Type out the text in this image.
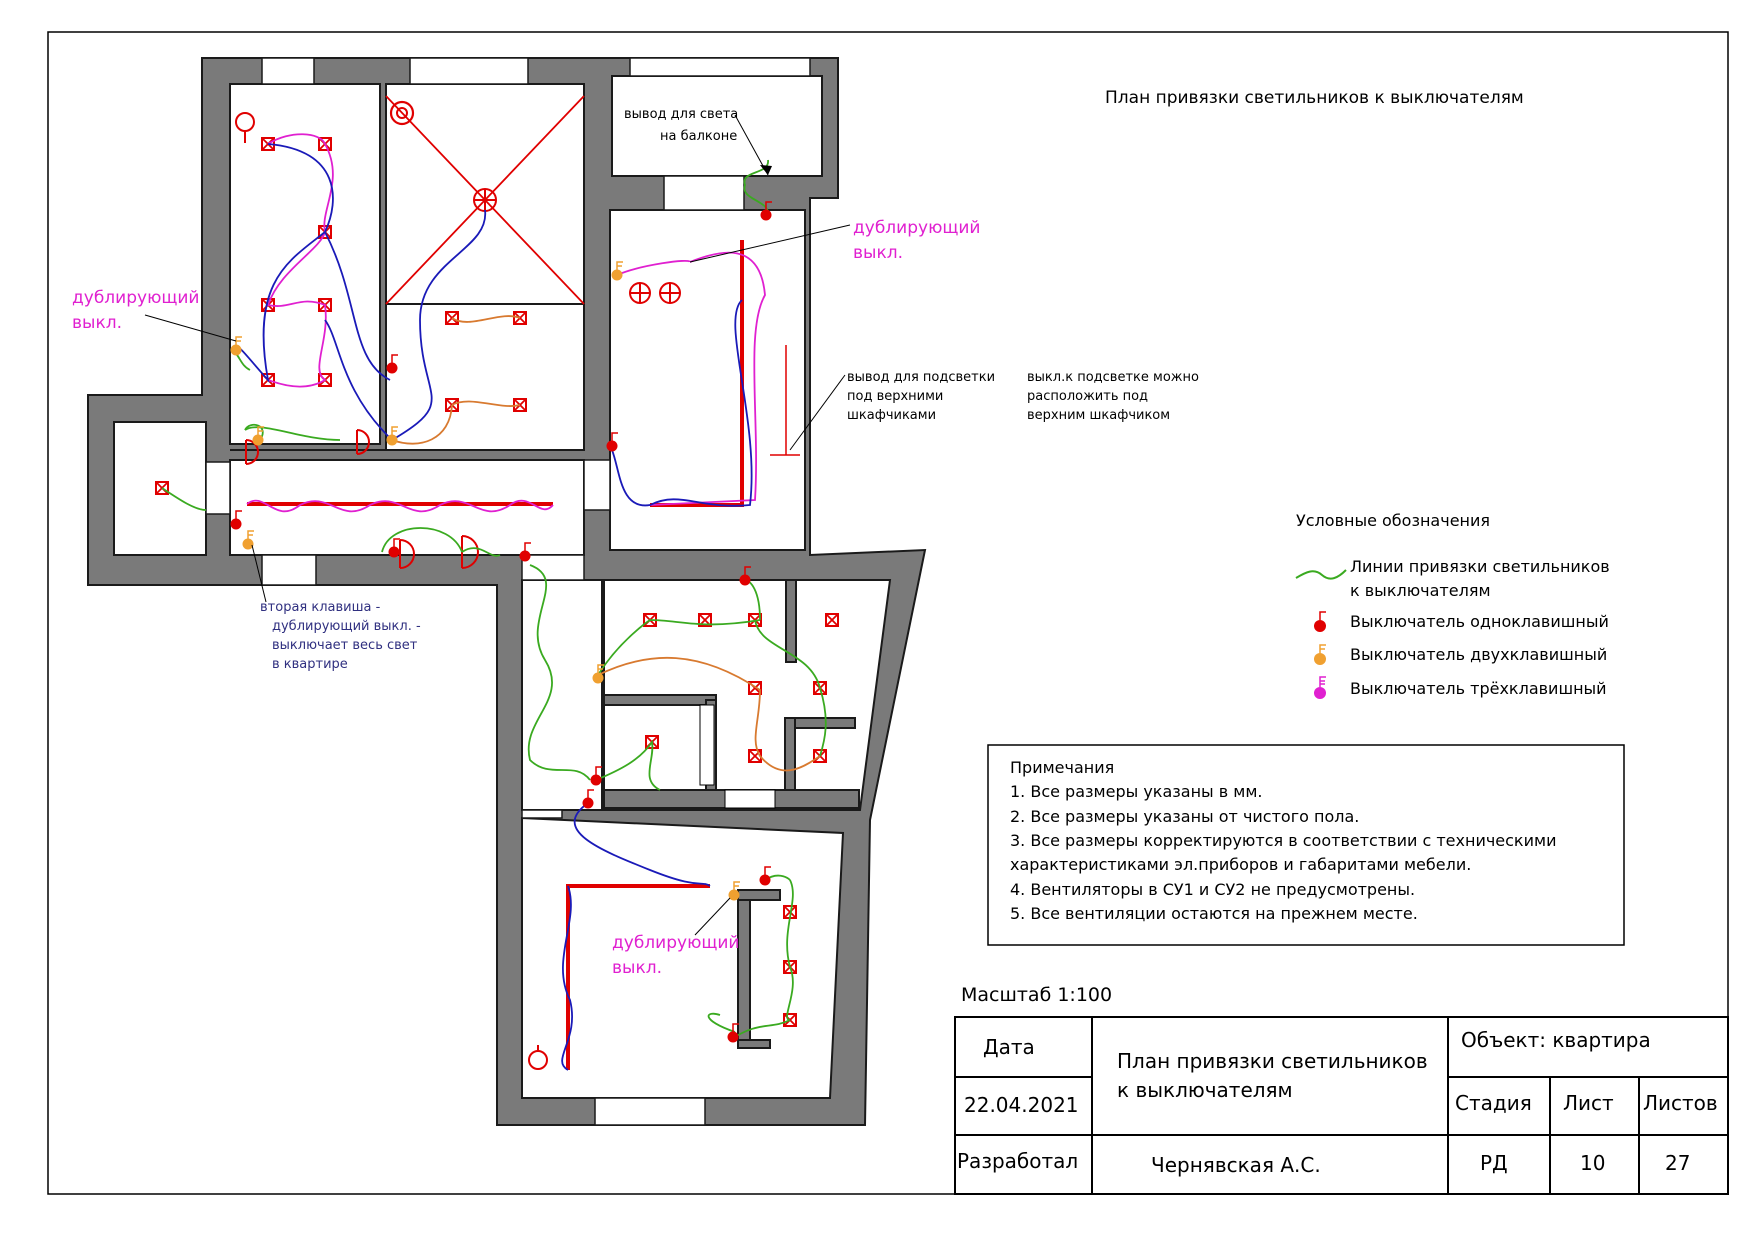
План привязки светильников к выключателям
вывод для света
на балконе
дублирующий
выкл.
дублирующий
выкл.
дублирующий
выкл.
вывод для подсветки
под верхними
шкафчиками
выкл.к подсветке можно
расположить под
верхним шкафчиком
вторая клавиша -
дублирующий выкл. -
выключает весь свет
в квартире
Условные обозначения
Линии привязки светильников
к выключателям
Выключатель одноклавишный
Выключатель двухклавишный
Выключатель трёхклавишный
Примечания
1. Все размеры указаны в мм.
2. Все размеры указаны от чистого пола.
3. Все размеры корректируются в соответствии с техническими
характеристиками эл.приборов и габаритами мебели.
4. Вентиляторы в СУ1 и СУ2 не предусмотрены.
5. Все вентиляции остаются на прежнем месте.
Масштаб 1:100
Дата
22.04.2021
Разработал	Чернявская А.С.
План привязки светильников
к выключателям
Объект: квартира
Стадия Лист Листов
РД	10	27
